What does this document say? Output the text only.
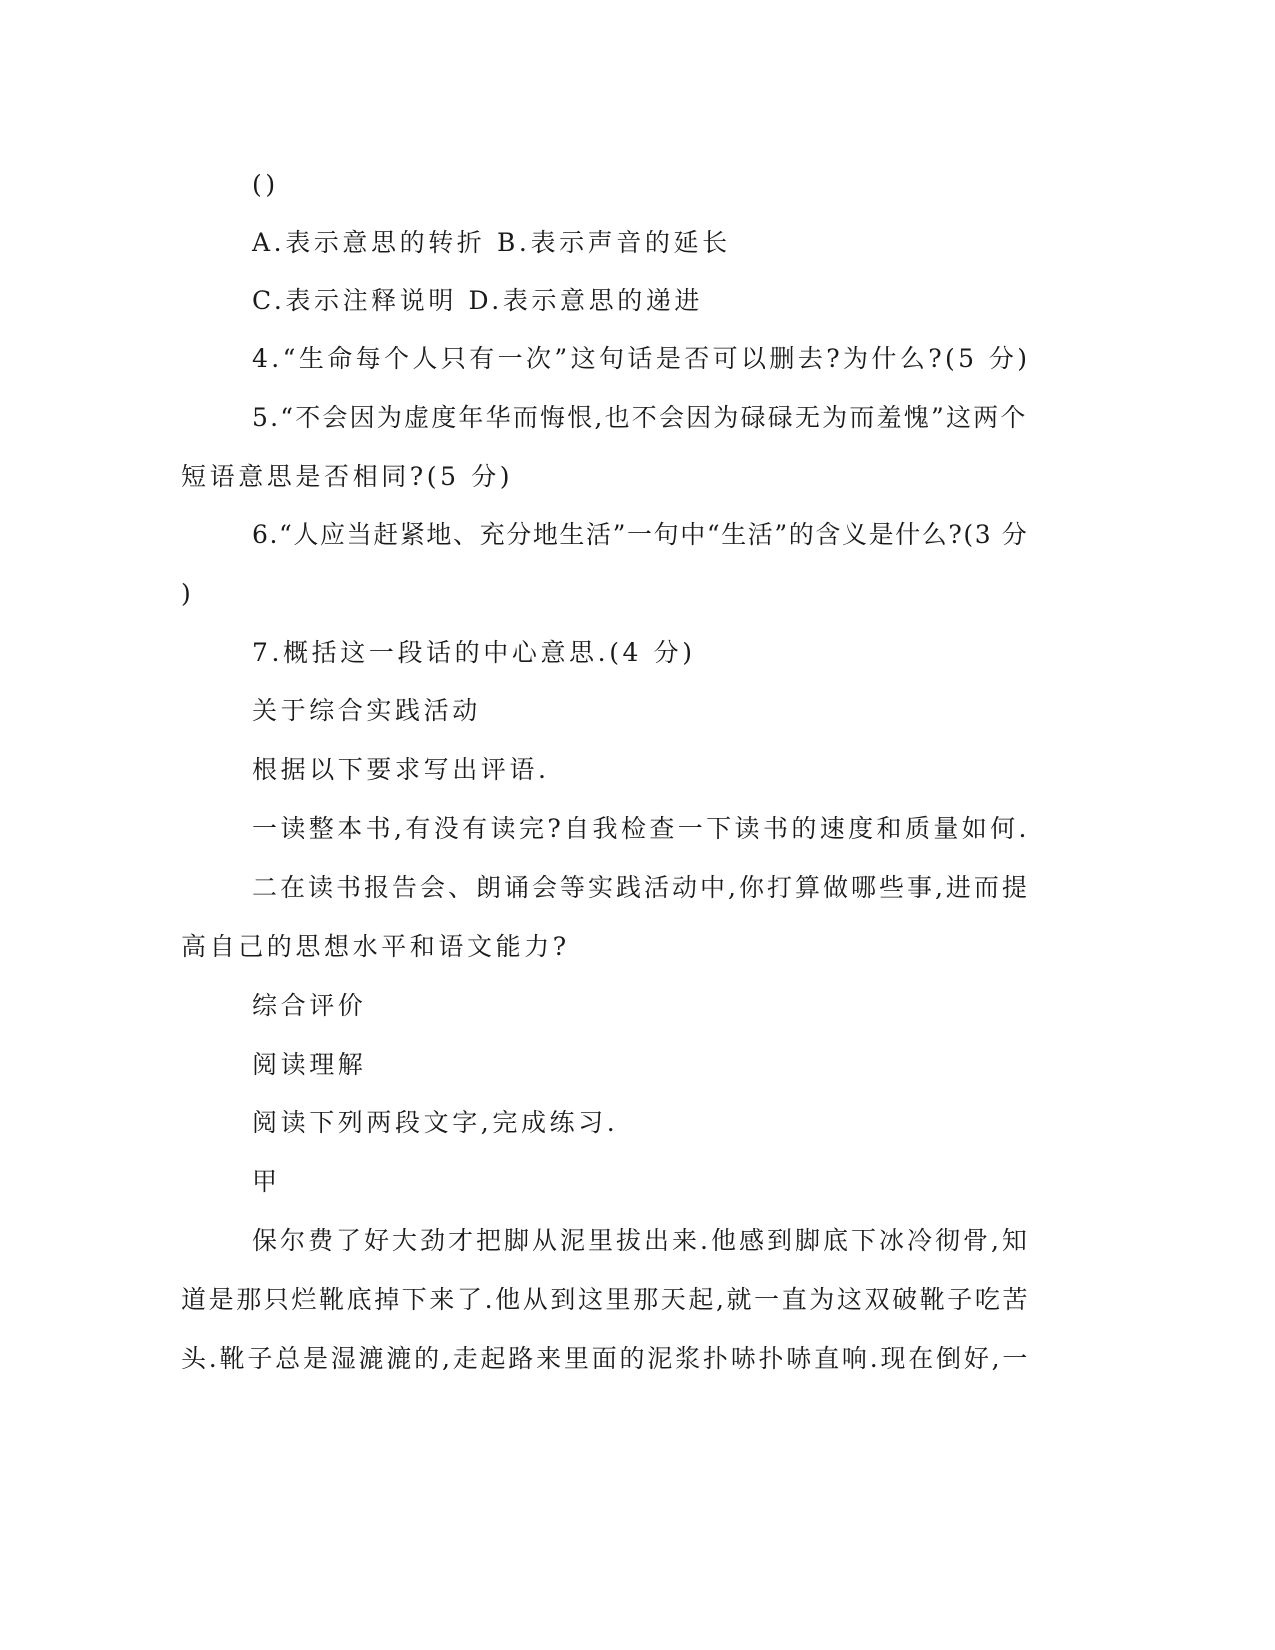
()
A.表示意思的转折 B.表示声音的延长
C.表示注释说明 D.表示意思的递进
4.“生命每个人只有一次”这句话是否可以删去?为什么?(5 分)
5.“不会因为虚度年华而悔恨,也不会因为碌碌无为而羞愧”这两个
短语意思是否相同?(5 分)
6.“人应当赶紧地、充分地生活”一句中“生活”的含义是什么?(3 分
)
7.概括这一段话的中心意思.(4 分)
关于综合实践活动
根据以下要求写出评语.
一读整本书,有没有读完?自我检查一下读书的速度和质量如何.
二在读书报告会、朗诵会等实践活动中,你打算做哪些事,进而提
高自己的思想水平和语文能力?
综合评价
阅读理解
阅读下列两段文字,完成练习.
甲
保尔费了好大劲才把脚从泥里拔出来.他感到脚底下冰冷彻骨,知
道是那只烂靴底掉下来了.他从到这里那天起,就一直为这双破靴子吃苦
头.靴子总是湿漉漉的,走起路来里面的泥浆扑哧扑哧直响.现在倒好,一
